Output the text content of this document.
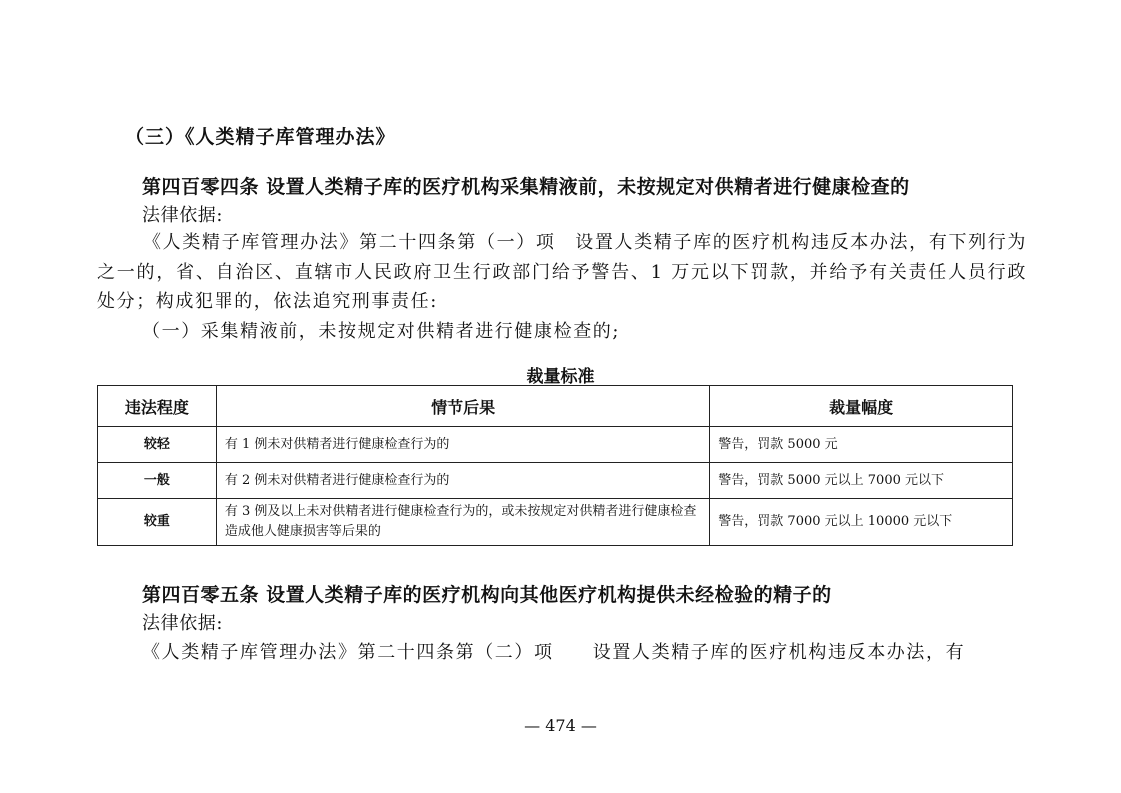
（三）《人类精子库管理办法》
第四百零四条 设置人类精子库的医疗机构采集精液前，未按规定对供精者进行健康检查的
法律依据:
《人类精子库管理办法》第二十四条第（一）项　设置人类精子库的医疗机构违反本办法，有下列行为之一的，省、自治区、直辖市人民政府卫生行政部门给予警告、1 万元以下罚款，并给予有关责任人员行政处分；构成犯罪的，依法追究刑事责任:
（一）采集精液前，未按规定对供精者进行健康检查的;
裁量标准
违法程度	情节后果	裁量幅度
较轻	有 1 例未对供精者进行健康检查行为的	警告，罚款 5000 元
一般	有 2 例未对供精者进行健康检查行为的	警告，罚款 5000 元以上 7000 元以下
较重	有 3 例及以上未对供精者进行健康检查行为的，或未按规定对供精者进行健康检查造成他人健康损害等后果的	警告，罚款 7000 元以上 10000 元以下
第四百零五条 设置人类精子库的医疗机构向其他医疗机构提供未经检验的精子的
法律依据:
《人类精子库管理办法》第二十四条第（二）项　　设置人类精子库的医疗机构违反本办法，有
— 474 —
